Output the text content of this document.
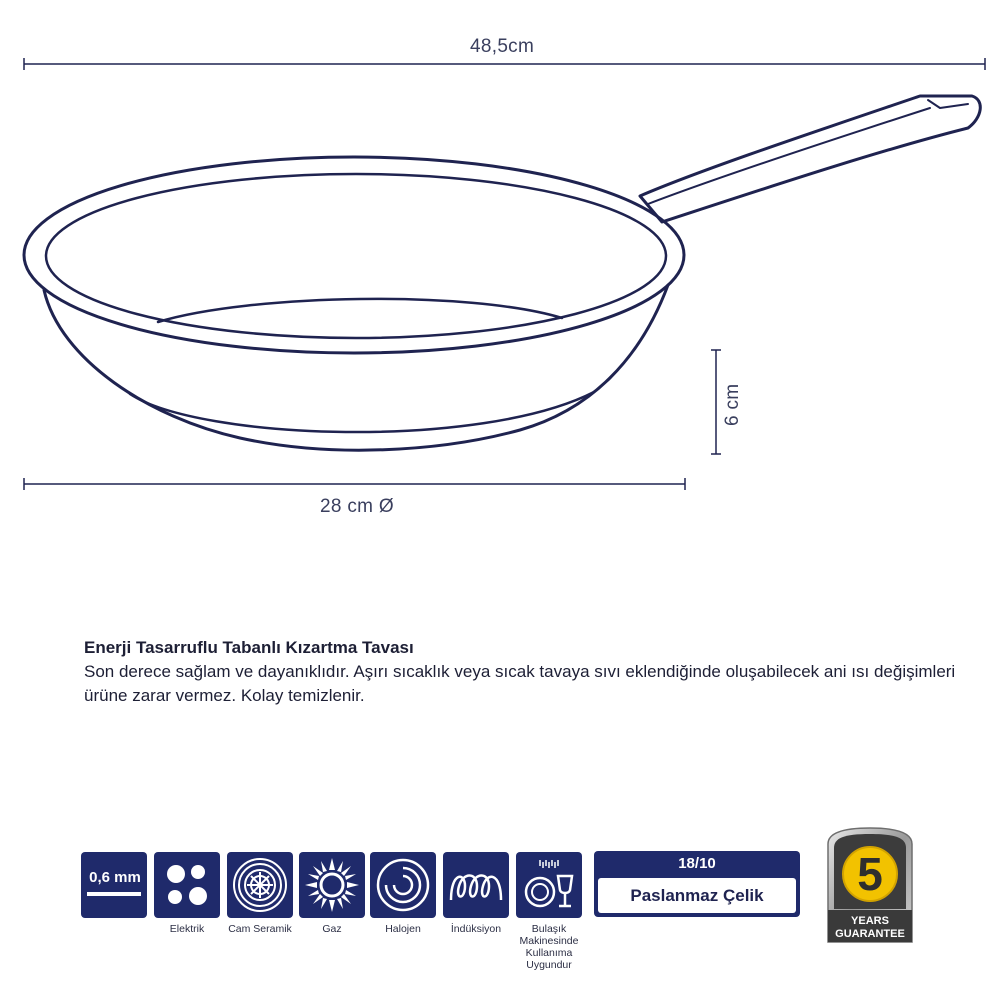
48,5cm
6 cm
28 cm Ø
Enerji Tasarruflu Tabanlı Kızartma Tavası
Son derece sağlam ve dayanıklıdır. Aşırı sıcaklık veya sıcak tavaya sıvı eklendiğinde oluşabilecek ani ısı değişimleri ürüne zarar vermez. Kolay temizlenir.
0,6 mm
Elektrik	Cam Seramik	Gaz	Halojen	İndüksiyon	Bulaşık
Makinesinde
Kullanıma
Uygundur
18/10
Paslanmaz Çelik	5
YEARS
GUARANTEE
